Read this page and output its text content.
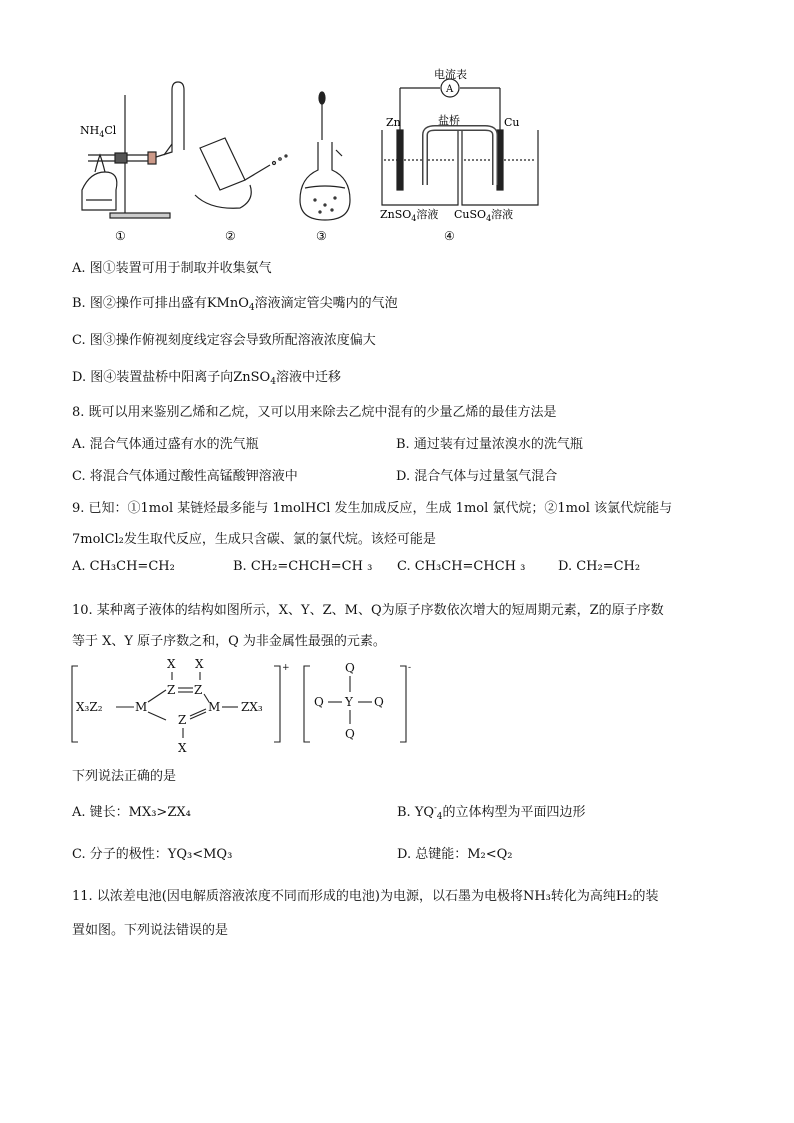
$NH_4Cl$
电流表
A
盐桥
Zn	Cu
ZnSO$_4$溶液 CuSO$_4$溶液
①	②	③	④
A. 图①装置可用于制取并收集氨气
B. 图②操作可排出盛有KMnO$_4$溶液滴定管尖嘴内的气泡
C. 图③操作俯视刻度线定容会导致所配溶液浓度偏大
D. 图④装置盐桥中阳离子向ZnSO$_4$溶液中迁移
8. 既可以用来鉴别乙烯和乙烷，又可以用来除去乙烷中混有的少量乙烯的最佳方法是
A. 混合气体通过盛有水的洗气瓶	B. 通过装有过量浓溴水的洗气瓶
C. 将混合气体通过酸性高锰酸钾溶液中	D. 混合气体与过量氢气混合
9. 已知：①1mol 某链烃最多能与 1molHCl 发生加成反应，生成 1mol 氯代烷；②1mol 该氯代烷能与
7molCl₂发生取代反应，生成只含碳、氯的氯代烷。该烃可能是
A. CH₃CH=CH₂	B. CH₂=CHCH=CH ₃ C. CH₃CH=CHCH ₃	D. CH₂=CH₂
10. 某种离子液体的结构如图所示，X、Y、Z、M、Q为原子序数依次增大的短周期元素，Z的原子序数
等于 X、Y 原子序数之和，Q 为非金属性最强的元素。
X₃Z₂	M
X X
Z Z
Z
X
M ZX₃
+	Q
Q Y Q
Q
-
下列说法正确的是
A. 键长：MX₃>ZX₄	B. $YQ^-_4$的立体构型为平面四边形
C. 分子的极性：YQ₃<MQ₃	D. 总键能：M₂<Q₂
11. 以浓差电池(因电解质溶液浓度不同而形成的电池)为电源，以石墨为电极将NH₃转化为高纯H₂的装
置如图。下列说法错误的是
